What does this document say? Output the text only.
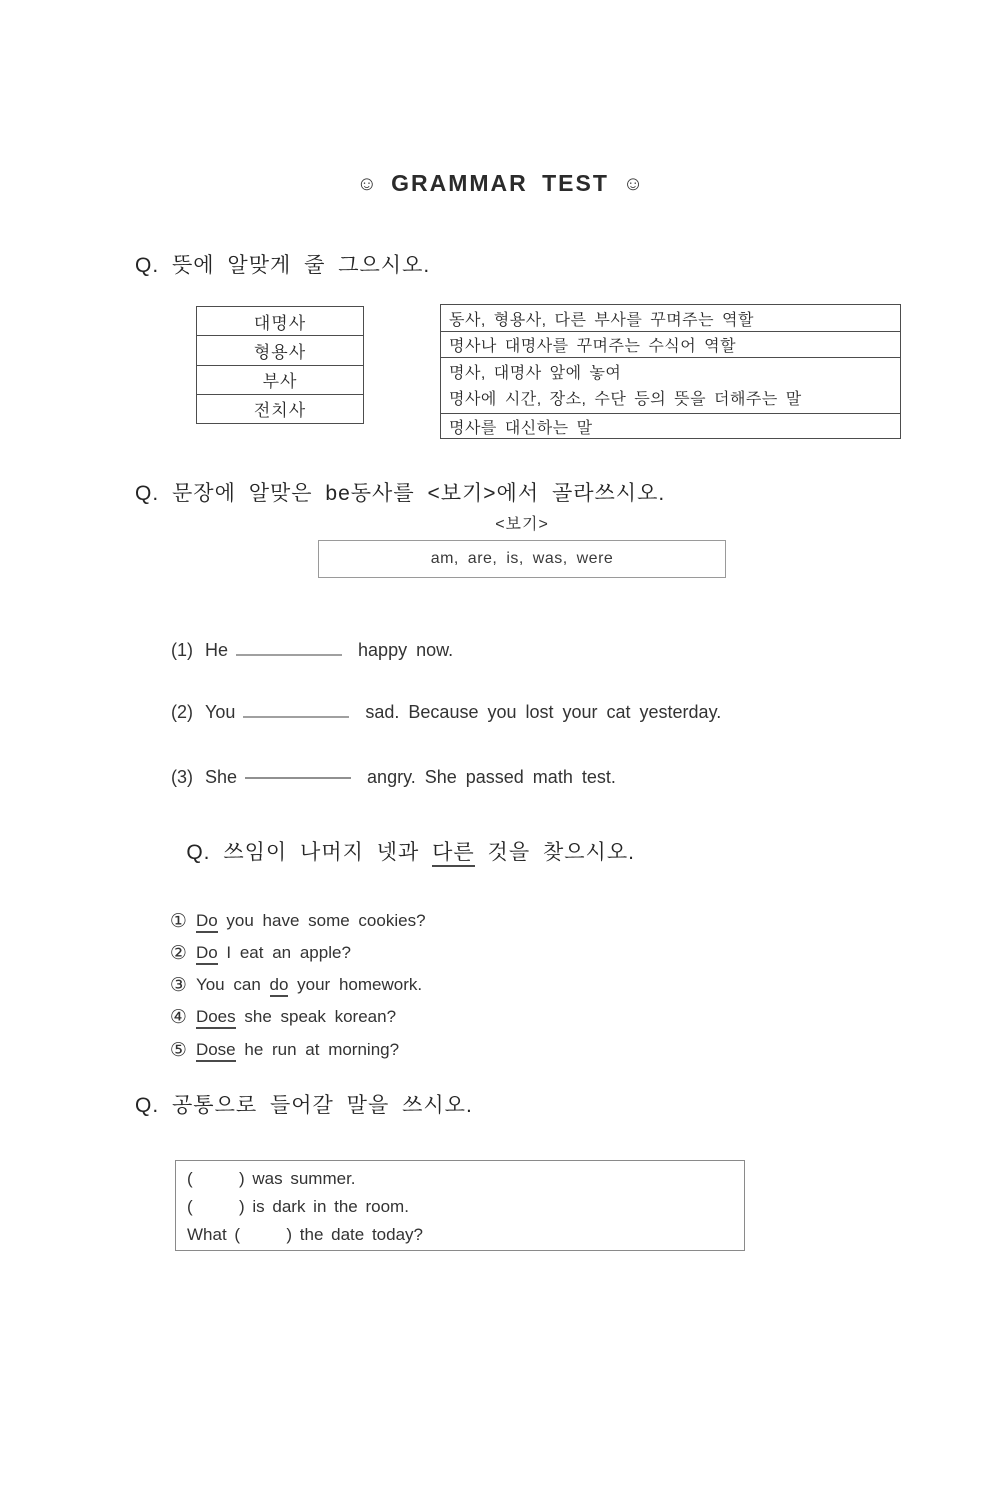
☺ GRAMMAR TEST ☺
Q. 뜻에 알맞게 줄 그으시오.
대명사
형용사
부사
전치사
동사, 형용사, 다른 부사를 꾸며주는 역할
명사나 대명사를 꾸며주는 수식어 역할
명사, 대명사 앞에 놓여
명사에 시간, 장소, 수단 등의 뜻을 더해주는 말
명사를 대신하는 말
Q. 문장에 알맞은 be동사를 <보기>에서 골라쓰시오.
<보기>
am, are, is, was, were

(1) He	happy now.

(2) You	sad. Because you lost your cat yesterday.

(3) She	angry. She passed math test.

Q. 쓰임이 나머지 넷과 다른 것을 찾으시오.

① Do you have some cookies?

② Do I eat an apple?

③ You can do your homework.

④ Does she speak korean?

⑤ Dose he run at morning?

Q. 공통으로 들어갈 말을 쓰시오.
(      ) was summer.
(      ) is dark in the room.
What (      ) the date today?
